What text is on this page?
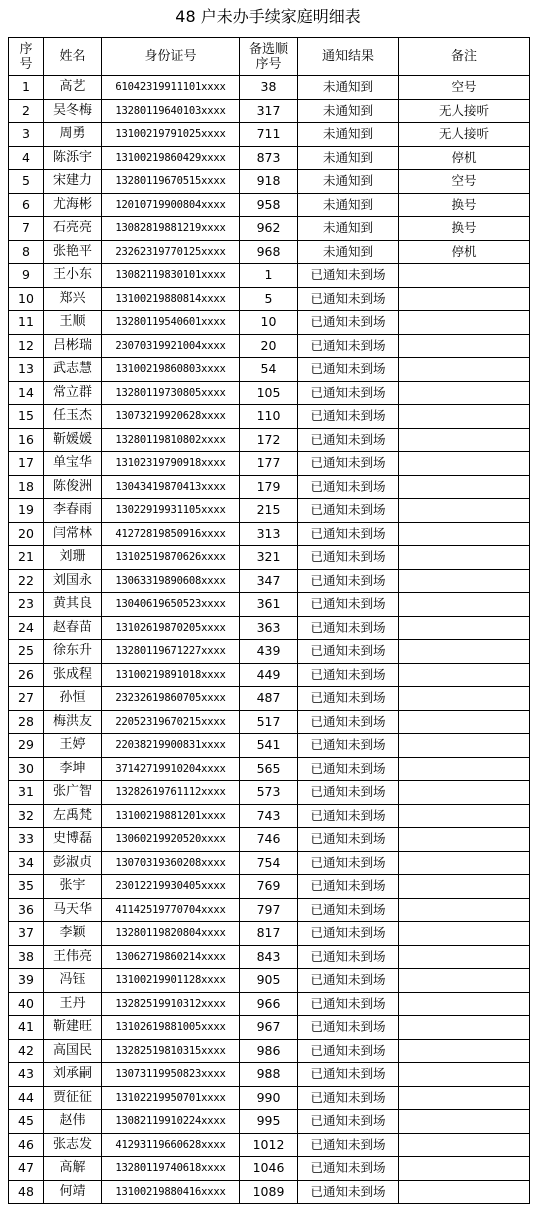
48 户未办手续家庭明细表
序号	姓名	身份证号	备选顺序号	通知结果	备注
1	高艺	61042319911101xxxx	38	未通知到	空号
2	吴冬梅	13280119640103xxxx	317	未通知到	无人接听
3	周勇	13100219791025xxxx	711	未通知到	无人接听
4	陈泺宇	13100219860429xxxx	873	未通知到	停机
5	宋建力	13280119670515xxxx	918	未通知到	空号
6	尤海彬	12010719900804xxxx	958	未通知到	换号
7	石亮亮	13082819881219xxxx	962	未通知到	换号
8	张艳平	23262319770125xxxx	968	未通知到	停机
9	王小东	13082119830101xxxx	1	已通知未到场	
10	郑兴	13100219880814xxxx	5	已通知未到场	
11	王顺	13280119540601xxxx	10	已通知未到场	
12	吕彬瑞	23070319921004xxxx	20	已通知未到场	
13	武志慧	13100219860803xxxx	54	已通知未到场	
14	常立群	13280119730805xxxx	105	已通知未到场	
15	任玉杰	13073219920628xxxx	110	已通知未到场	
16	靳媛媛	13280119810802xxxx	172	已通知未到场	
17	单宝华	13102319790918xxxx	177	已通知未到场	
18	陈俊洲	13043419870413xxxx	179	已通知未到场	
19	李春雨	13022919931105xxxx	215	已通知未到场	
20	闫常林	41272819850916xxxx	313	已通知未到场	
21	刘珊	13102519870626xxxx	321	已通知未到场	
22	刘国永	13063319890608xxxx	347	已通知未到场	
23	黄其良	13040619650523xxxx	361	已通知未到场	
24	赵春苗	13102619870205xxxx	363	已通知未到场	
25	徐东升	13280119671227xxxx	439	已通知未到场	
26	张成程	13100219891018xxxx	449	已通知未到场	
27	孙恒	23232619860705xxxx	487	已通知未到场	
28	梅洪友	22052319670215xxxx	517	已通知未到场	
29	王婷	22038219900831xxxx	541	已通知未到场	
30	李坤	37142719910204xxxx	565	已通知未到场	
31	张广智	13282619761112xxxx	573	已通知未到场	
32	左禹梵	13100219881201xxxx	743	已通知未到场	
33	史博磊	13060219920520xxxx	746	已通知未到场	
34	彭淑贞	13070319360208xxxx	754	已通知未到场	
35	张宇	23012219930405xxxx	769	已通知未到场	
36	马天华	41142519770704xxxx	797	已通知未到场	
37	李颖	13280119820804xxxx	817	已通知未到场	
38	王伟亮	13062719860214xxxx	843	已通知未到场	
39	冯钰	13100219901128xxxx	905	已通知未到场	
40	王丹	13282519910312xxxx	966	已通知未到场	
41	靳建旺	13102619881005xxxx	967	已通知未到场	
42	高国民	13282519810315xxxx	986	已通知未到场	
43	刘承嗣	13073119950823xxxx	988	已通知未到场	
44	贾征征	13102219950701xxxx	990	已通知未到场	
45	赵伟	13082119910224xxxx	995	已通知未到场	
46	张志发	41293119660628xxxx	1012	已通知未到场	
47	高解	13280119740618xxxx	1046	已通知未到场	
48	何靖	13100219880416xxxx	1089	已通知未到场	
